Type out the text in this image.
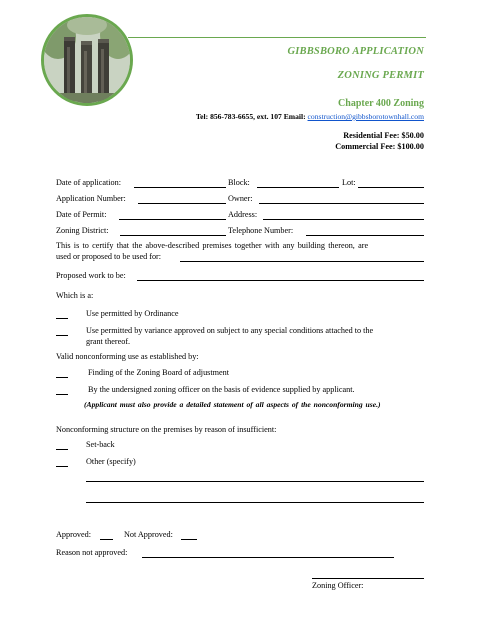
GIBBSBORO APPLICATION
ZONING PERMIT
Chapter 400 Zoning
Tel: 856-783-6655, ext. 107 Email: construction@gibbsborotownhall.com
Residential Fee: $50.00
Commercial Fee: $100.00
Date of application:	Block:	Lot:
Application Number:	Owner:
Date of Permit:	Address:
Zoning District:	Telephone Number:
This is to certify that the above-described premises together with any building thereon, are
used or proposed to be used for:
Proposed work to be:
Which is a:
Use permitted by Ordinance
Use permitted by variance approved on subject to any special conditions attached to the
grant thereof.
Valid nonconforming use as established by:
Finding of the Zoning Board of adjustment
By the undersigned zoning officer on the basis of evidence supplied by applicant.
(Applicant must also provide a detailed statement of all aspects of the nonconforming use.)
Nonconforming structure on the premises by reason of insufficient:
Set-back
Other (specify)
Approved:	Not Approved:
Reason not approved:
Zoning Officer:
